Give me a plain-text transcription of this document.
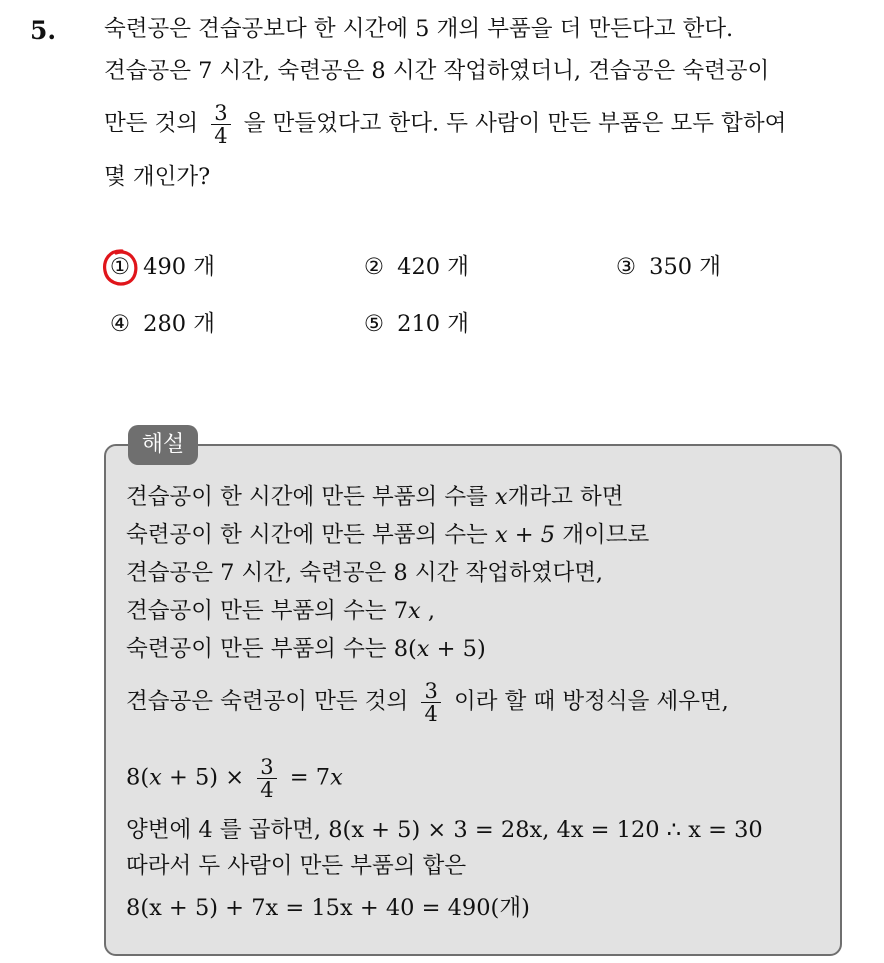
5. 숙련공은 견습공보다 한 시간에 5 개의 부품을 더 만든다고 한다.
견습공은 7 시간, 숙련공은 8 시간 작업하였더니, 견습공은 숙련공이
만든 것의 $\frac{3}{4}$ 을 만들었다고 한다. 두 사람이 만든 부품은 모두 합하여
몇 개인가?
① 490 개	② 420 개	③ 350 개
④ 280 개	⑤ 210 개
해설
견습공이 한 시간에 만든 부품의 수를 x개라고 하면
숙련공이 한 시간에 만든 부품의 수는 x + 5 개이므로
견습공은 7 시간, 숙련공은 8 시간 작업하였다면,
견습공이 만든 부품의 수는 7x ,
숙련공이 만든 부품의 수는 8(x + 5)
견습공은 숙련공이 만든 것의 $\frac{3}{4}$ 이라 할 때 방정식을 세우면,
$8(x + 5) \times \frac{3}{4} = 7x$
양변에 4 를 곱하면, 8(x + 5) × 3 = 28x, 4x = 120 ∴ x = 30
따라서 두 사람이 만든 부품의 합은
8(x + 5) + 7x = 15x + 40 = 490(개)
